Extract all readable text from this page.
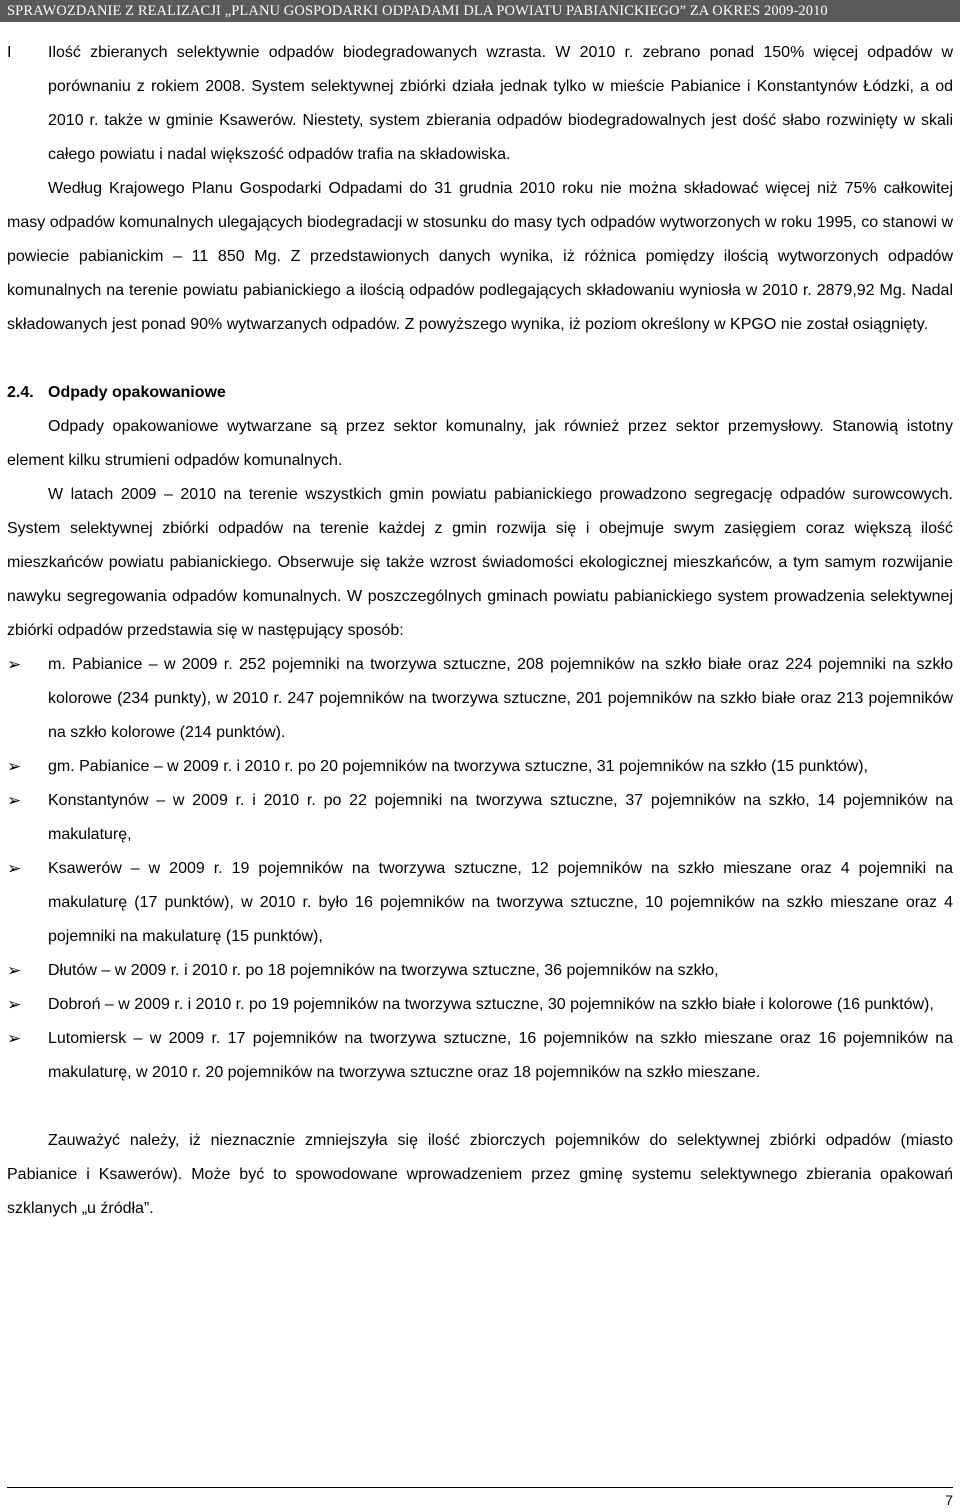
SPRAWOZDANIE Z REALIZACJI „PLANU GOSPODARKI ODPADAMI DLA POWIATU PABIANICKIEGO” ZA OKRES 2009-2010
I	Ilość zbieranych selektywnie odpadów biodegradowanych wzrasta. W 2010 r. zebrano ponad 150% więcej odpadów w porównaniu z rokiem 2008. System selektywnej zbiórki działa jednak tylko w mieście Pabianice i Konstantynów Łódzki, a od 2010 r. także w gminie Ksawerów. Niestety, system zbierania odpadów biodegradowalnych jest dość słabo rozwinięty w skali całego powiatu i nadal większość odpadów trafia na składowiska.

Według Krajowego Planu Gospodarki Odpadami do 31 grudnia 2010 roku nie można składować więcej niż 75% całkowitej masy odpadów komunalnych ulegających biodegradacji w stosunku do masy tych odpadów wytworzonych w roku 1995, co stanowi w powiecie pabianickim – 11 850 Mg. Z przedstawionych danych wynika, iż różnica pomiędzy ilością wytworzonych odpadów komunalnych na terenie powiatu pabianickiego a ilością odpadów podlegających składowaniu wyniosła w 2010 r. 2879,92 Mg. Nadal składowanych jest ponad 90% wytwarzanych odpadów. Z powyższego wynika, iż poziom określony w KPGO nie został osiągnięty.

2.4. Odpady opakowaniowe

Odpady opakowaniowe wytwarzane są przez sektor komunalny, jak również przez sektor przemysłowy. Stanowią istotny element kilku strumieni odpadów komunalnych.

W latach 2009 – 2010 na terenie wszystkich gmin powiatu pabianickiego prowadzono segregację odpadów surowcowych. System selektywnej zbiórki odpadów na terenie każdej z gmin rozwija się i obejmuje swym zasięgiem coraz większą ilość mieszkańców powiatu pabianickiego. Obserwuje się także wzrost świadomości ekologicznej mieszkańców, a tym samym rozwijanie nawyku segregowania odpadów komunalnych. W poszczególnych gminach powiatu pabianickiego system prowadzenia selektywnej zbiórki odpadów przedstawia się w następujący sposób:

➢	m. Pabianice – w 2009 r. 252 pojemniki na tworzywa sztuczne, 208 pojemników na szkło białe oraz 224 pojemniki na szkło kolorowe (234 punkty), w 2010 r. 247 pojemników na tworzywa sztuczne, 201 pojemników na szkło białe oraz 213 pojemników na szkło kolorowe (214 punktów).
➢	gm. Pabianice – w 2009 r. i 2010 r. po 20 pojemników na tworzywa sztuczne, 31 pojemników na szkło (15 punktów),
➢	Konstantynów – w 2009 r. i 2010 r. po 22 pojemniki na tworzywa sztuczne, 37 pojemników na szkło, 14 pojemników na makulaturę,
➢	Ksawerów – w 2009 r. 19 pojemników na tworzywa sztuczne, 12 pojemników na szkło mieszane oraz 4 pojemniki na makulaturę (17 punktów), w 2010 r. było 16 pojemników na tworzywa sztuczne, 10 pojemników na szkło mieszane oraz 4 pojemniki na makulaturę (15 punktów),
➢	Dłutów – w 2009 r. i 2010 r. po 18 pojemników na tworzywa sztuczne, 36 pojemników na szkło,
➢	Dobroń – w 2009 r. i 2010 r. po 19 pojemników na tworzywa sztuczne, 30 pojemników na szkło białe i kolorowe (16 punktów),
➢	Lutomiersk – w 2009 r. 17 pojemników na tworzywa sztuczne, 16 pojemników na szkło mieszane oraz 16 pojemników na makulaturę, w 2010 r. 20 pojemników na tworzywa sztuczne oraz 18 pojemników na szkło mieszane.

Zauważyć należy, iż nieznacznie zmniejszyła się ilość zbiorczych pojemników do selektywnej zbiórki odpadów (miasto Pabianice i Ksawerów). Może być to spowodowane wprowadzeniem przez gminę systemu selektywnego zbierania opakowań szklanych „u źródła”.

7
